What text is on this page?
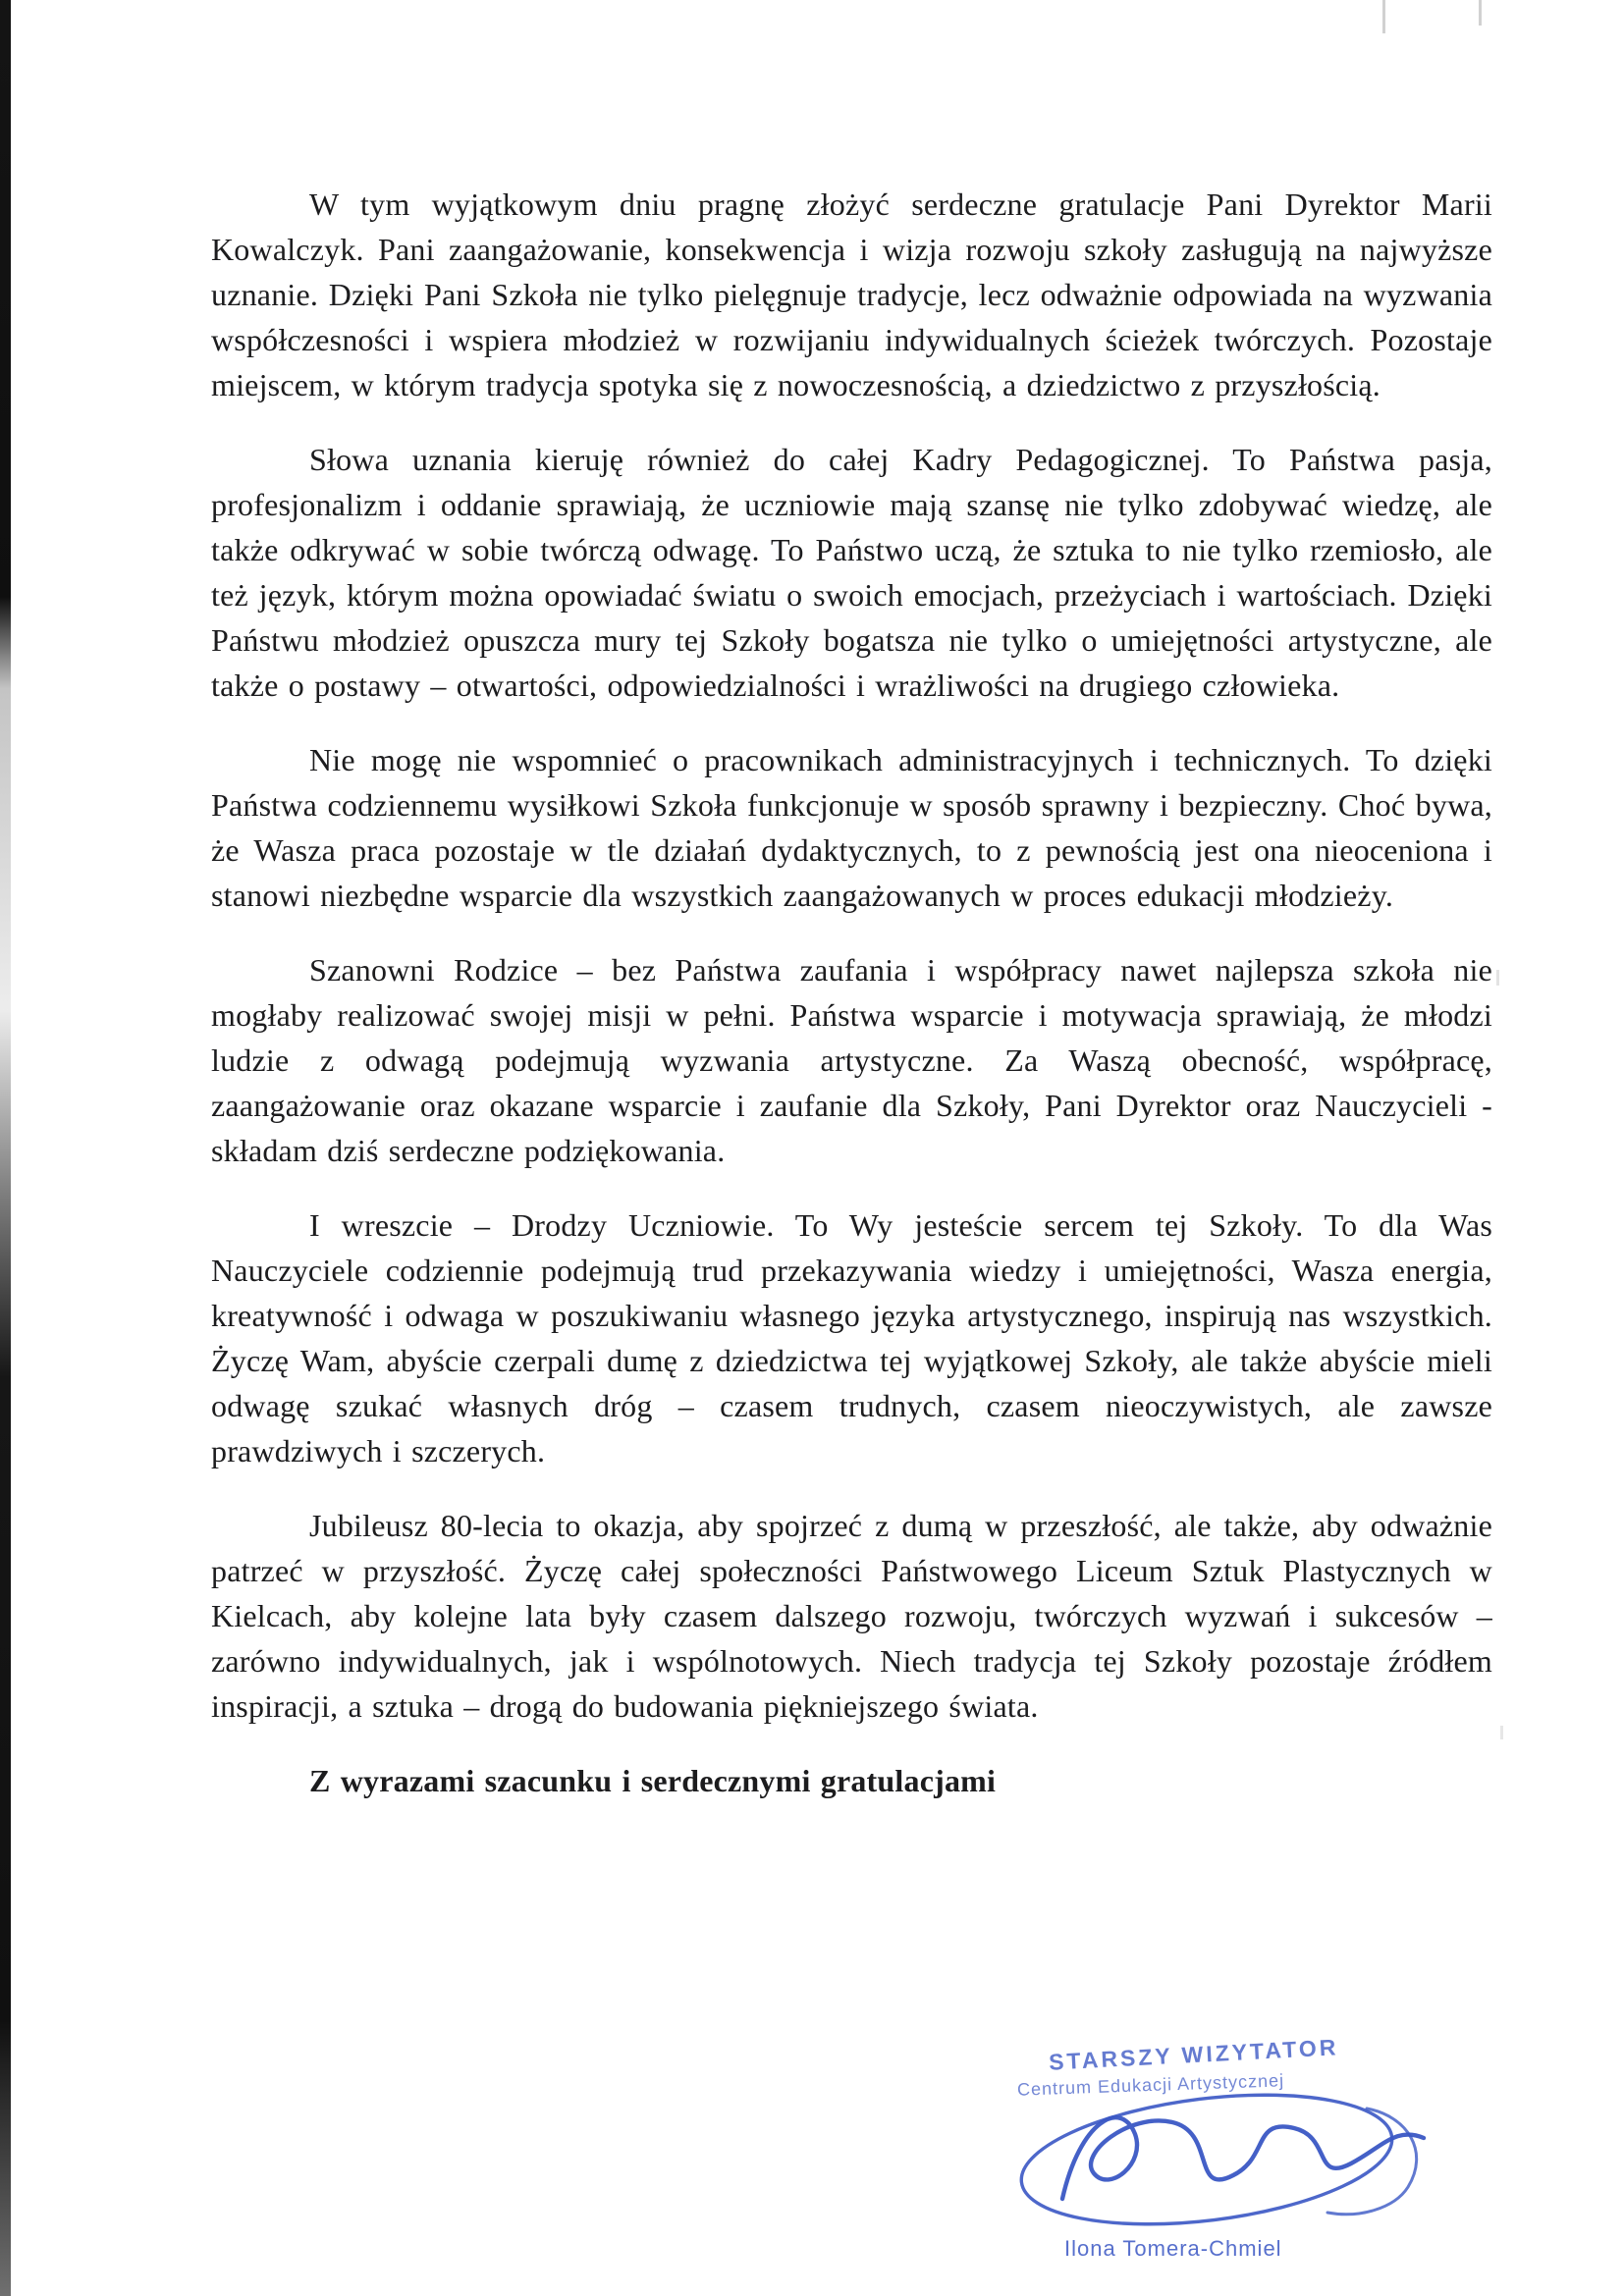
W tym wyjątkowym dniu pragnę złożyć serdeczne gratulacje Pani Dyrektor Marii Kowalczyk. Pani zaangażowanie, konsekwencja i wizja rozwoju szkoły zasługują na najwyższe uznanie. Dzięki Pani Szkoła nie tylko pielęgnuje tradycje, lecz odważnie odpowiada na wyzwania współczesności i wspiera młodzież w rozwijaniu indywidualnych ścieżek twórczych. Pozostaje miejscem, w którym tradycja spotyka się z nowoczesnością, a dziedzictwo z przyszłością.

Słowa uznania kieruję również do całej Kadry Pedagogicznej. To Państwa pasja, profesjonalizm i oddanie sprawiają, że uczniowie mają szansę nie tylko zdobywać wiedzę, ale także odkrywać w sobie twórczą odwagę. To Państwo uczą, że sztuka to nie tylko rzemiosło, ale też język, którym można opowiadać światu o swoich emocjach, przeżyciach i wartościach. Dzięki Państwu młodzież opuszcza mury tej Szkoły bogatsza nie tylko o umiejętności artystyczne, ale także o postawy – otwartości, odpowiedzialności i wrażliwości na drugiego człowieka.

Nie mogę nie wspomnieć o pracownikach administracyjnych i technicznych. To dzięki Państwa codziennemu wysiłkowi Szkoła funkcjonuje w sposób sprawny i bezpieczny. Choć bywa, że Wasza praca pozostaje w tle działań dydaktycznych, to z pewnością jest ona nieoceniona i stanowi niezbędne wsparcie dla wszystkich zaangażowanych w proces edukacji młodzieży.

Szanowni Rodzice – bez Państwa zaufania i współpracy nawet najlepsza szkoła nie mogłaby realizować swojej misji w pełni. Państwa wsparcie i motywacja sprawiają, że młodzi ludzie z odwagą podejmują wyzwania artystyczne. Za Waszą obecność, współpracę, zaangażowanie oraz okazane wsparcie i zaufanie dla Szkoły, Pani Dyrektor oraz Nauczycieli - składam dziś serdeczne podziękowania.

I wreszcie – Drodzy Uczniowie. To Wy jesteście sercem tej Szkoły. To dla Was Nauczyciele codziennie podejmują trud przekazywania wiedzy i umiejętności, Wasza energia, kreatywność i odwaga w poszukiwaniu własnego języka artystycznego, inspirują nas wszystkich. Życzę Wam, abyście czerpali dumę z dziedzictwa tej wyjątkowej Szkoły, ale także abyście mieli odwagę szukać własnych dróg – czasem trudnych, czasem nieoczywistych, ale zawsze prawdziwych i szczerych.

Jubileusz 80-lecia to okazja, aby spojrzeć z dumą w przeszłość, ale także, aby odważnie patrzeć w przyszłość. Życzę całej społeczności Państwowego Liceum Sztuk Plastycznych w Kielcach, aby kolejne lata były czasem dalszego rozwoju, twórczych wyzwań i sukcesów – zarówno indywidualnych, jak i wspólnotowych. Niech tradycja tej Szkoły pozostaje źródłem inspiracji, a sztuka – drogą do budowania piękniejszego świata.

Z wyrazami szacunku i serdecznymi gratulacjami

STARSZY WIZYTATOR
Centrum Edukacji Artystycznej
Ilona Tomera-Chmiel
